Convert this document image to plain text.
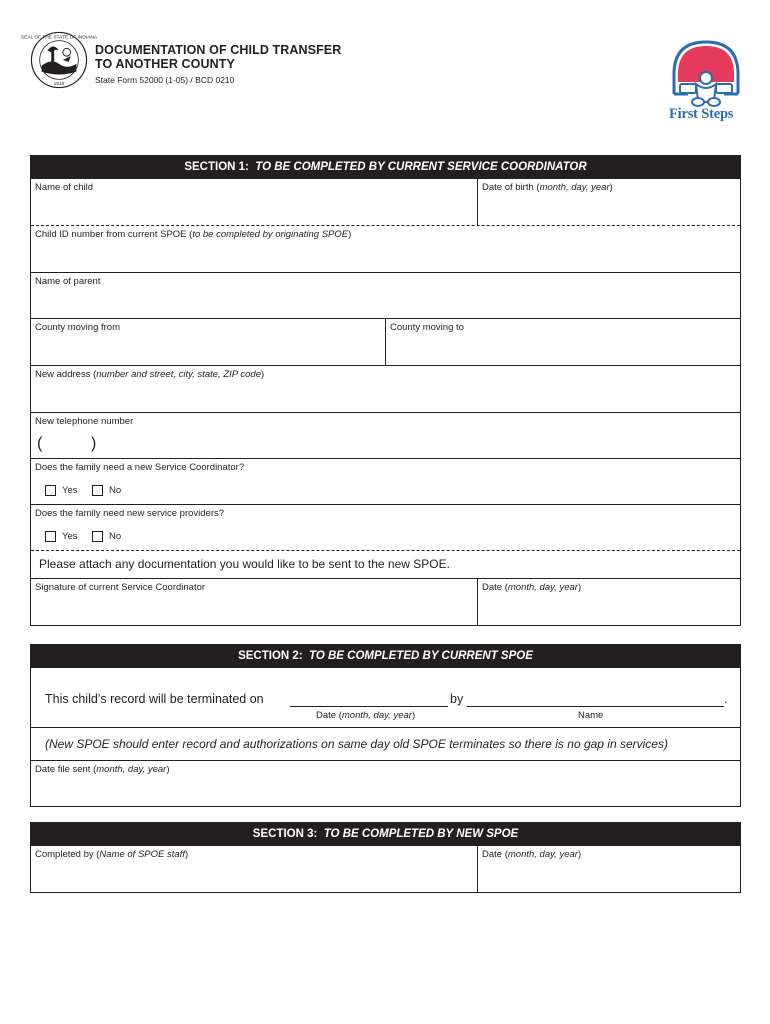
SEAL OF THE STATE OF INDIANA
1816
DOCUMENTATION OF CHILD TRANSFER
TO ANOTHER COUNTY
State Form 52000 (1-05) / BCD 0210
First Steps
SECTION 1: TO BE COMPLETED BY CURRENT SERVICE COORDINATOR
Name of child	Date of birth (month, day, year)
Child ID number from current SPOE (to be completed by originating SPOE)
Name of parent
County moving from	County moving to
New address (number and street, city, state, ZIP code)
New telephone number
(	)
Does the family need a new Service Coordinator?
Yes	No
Does the family need new service providers?
Yes	No
Please attach any documentation you would like to be sent to the new SPOE.
Signature of current Service Coordinator	Date (month, day, year)
SECTION 2: TO BE COMPLETED BY CURRENT SPOE
This child’s record will be terminated on	by	.
Date (month, day, year)	Name
(New SPOE should enter record and authorizations on same day old SPOE terminates so there is no gap in services)
Date file sent (month, day, year)
SECTION 3: TO BE COMPLETED BY NEW SPOE
Completed by (Name of SPOE staff)	Date (month, day, year)
